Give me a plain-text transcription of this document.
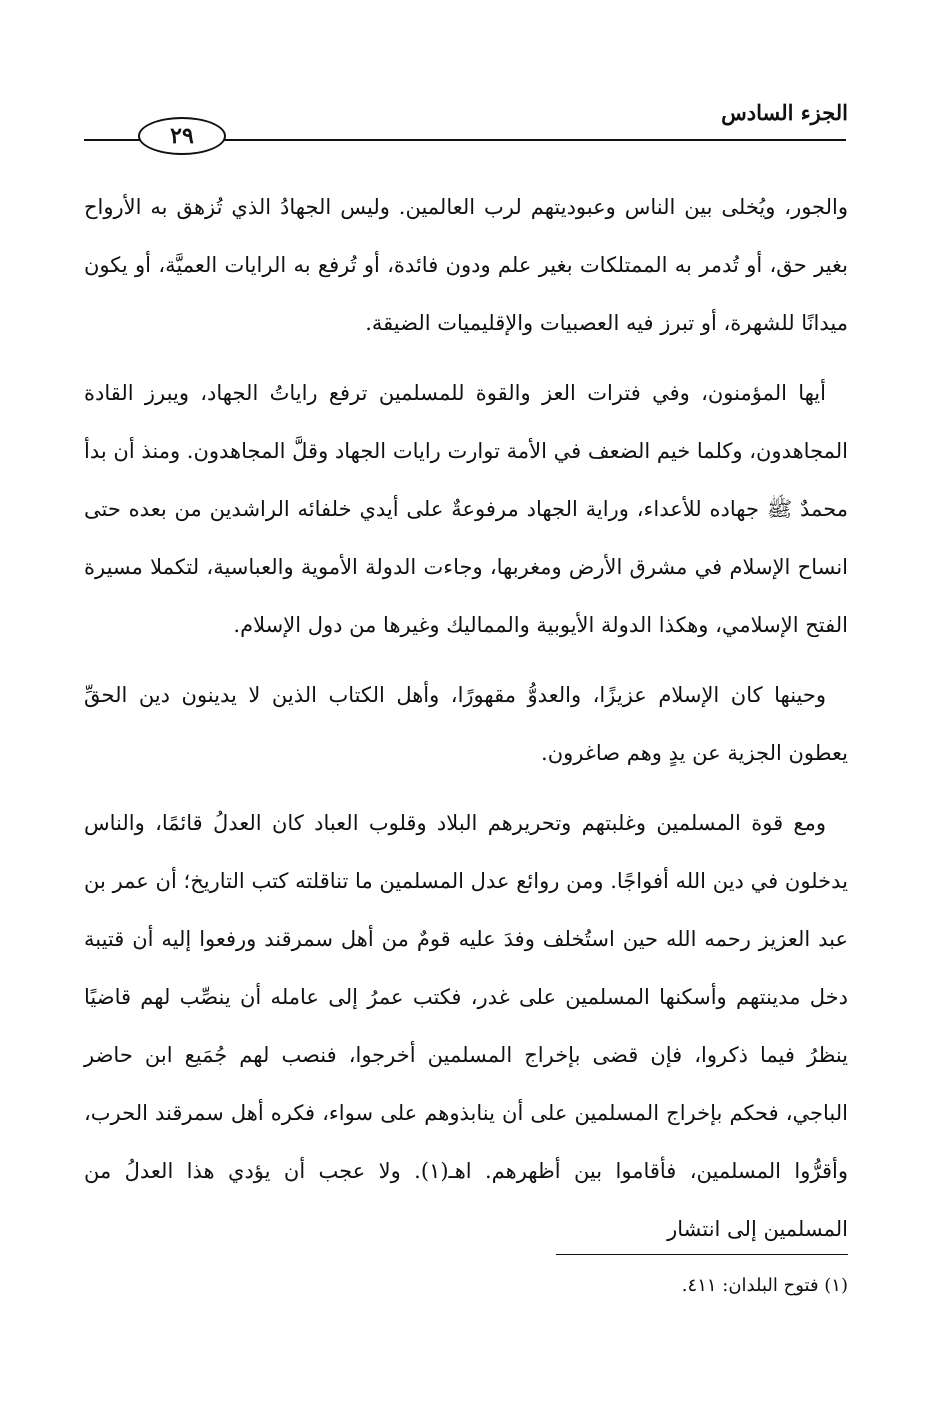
الجزء السادس
٢٩

والجور، ويُخلى بين الناس وعبوديتهم لرب العالمين. وليس الجهادُ الذي تُزهق به الأرواح بغير حق، أو تُدمر به الممتلكات بغير علم ودون فائدة، أو تُرفع به الرايات العميَّة، أو يكون ميدانًا للشهرة، أو تبرز فيه العصبيات والإقليميات الضيقة.

أيها المؤمنون، وفي فترات العز والقوة للمسلمين ترفع راياتُ الجهاد، ويبرز القادة المجاهدون، وكلما خيم الضعف في الأمة توارت رايات الجهاد وقلَّ المجاهدون. ومنذ أن بدأ محمدٌ ﷺ جهاده للأعداء، وراية الجهاد مرفوعةٌ على أيدي خلفائه الراشدين من بعده حتى انساح الإسلام في مشرق الأرض ومغربها، وجاءت الدولة الأموية والعباسية، لتكملا مسيرة الفتح الإسلامي، وهكذا الدولة الأيوبية والمماليك وغيرها من دول الإسلام.

وحينها كان الإسلام عزيزًا، والعدوُّ مقهورًا، وأهل الكتاب الذين لا يدينون دين الحقِّ يعطون الجزية عن يدٍ وهم صاغرون.

ومع قوة المسلمين وغلبتهم وتحريرهم البلاد وقلوب العباد كان العدلُ قائمًا، والناس يدخلون في دين الله أفواجًا. ومن روائع عدل المسلمين ما تناقلته كتب التاريخ؛ أن عمر بن عبد العزيز رحمه الله حين استُخلف وفدَ عليه قومٌ من أهل سمرقند ورفعوا إليه أن قتيبة دخل مدينتهم وأسكنها المسلمين على غدر، فكتب عمرُ إلى عامله أن ينصِّب لهم قاضيًا ينظرُ فيما ذكروا، فإن قضى بإخراج المسلمين أخرجوا، فنصب لهم جُمَيع ابن حاضر الباجي، فحكم بإخراج المسلمين على أن ينابذوهم على سواء، فكره أهل سمرقند الحرب، وأقرُّوا المسلمين، فأقاموا بين أظهرهم. اهـ(١). ولا عجب أن يؤدي هذا العدلُ من المسلمين إلى انتشار

(١) فتوح البلدان: ٤١١.
